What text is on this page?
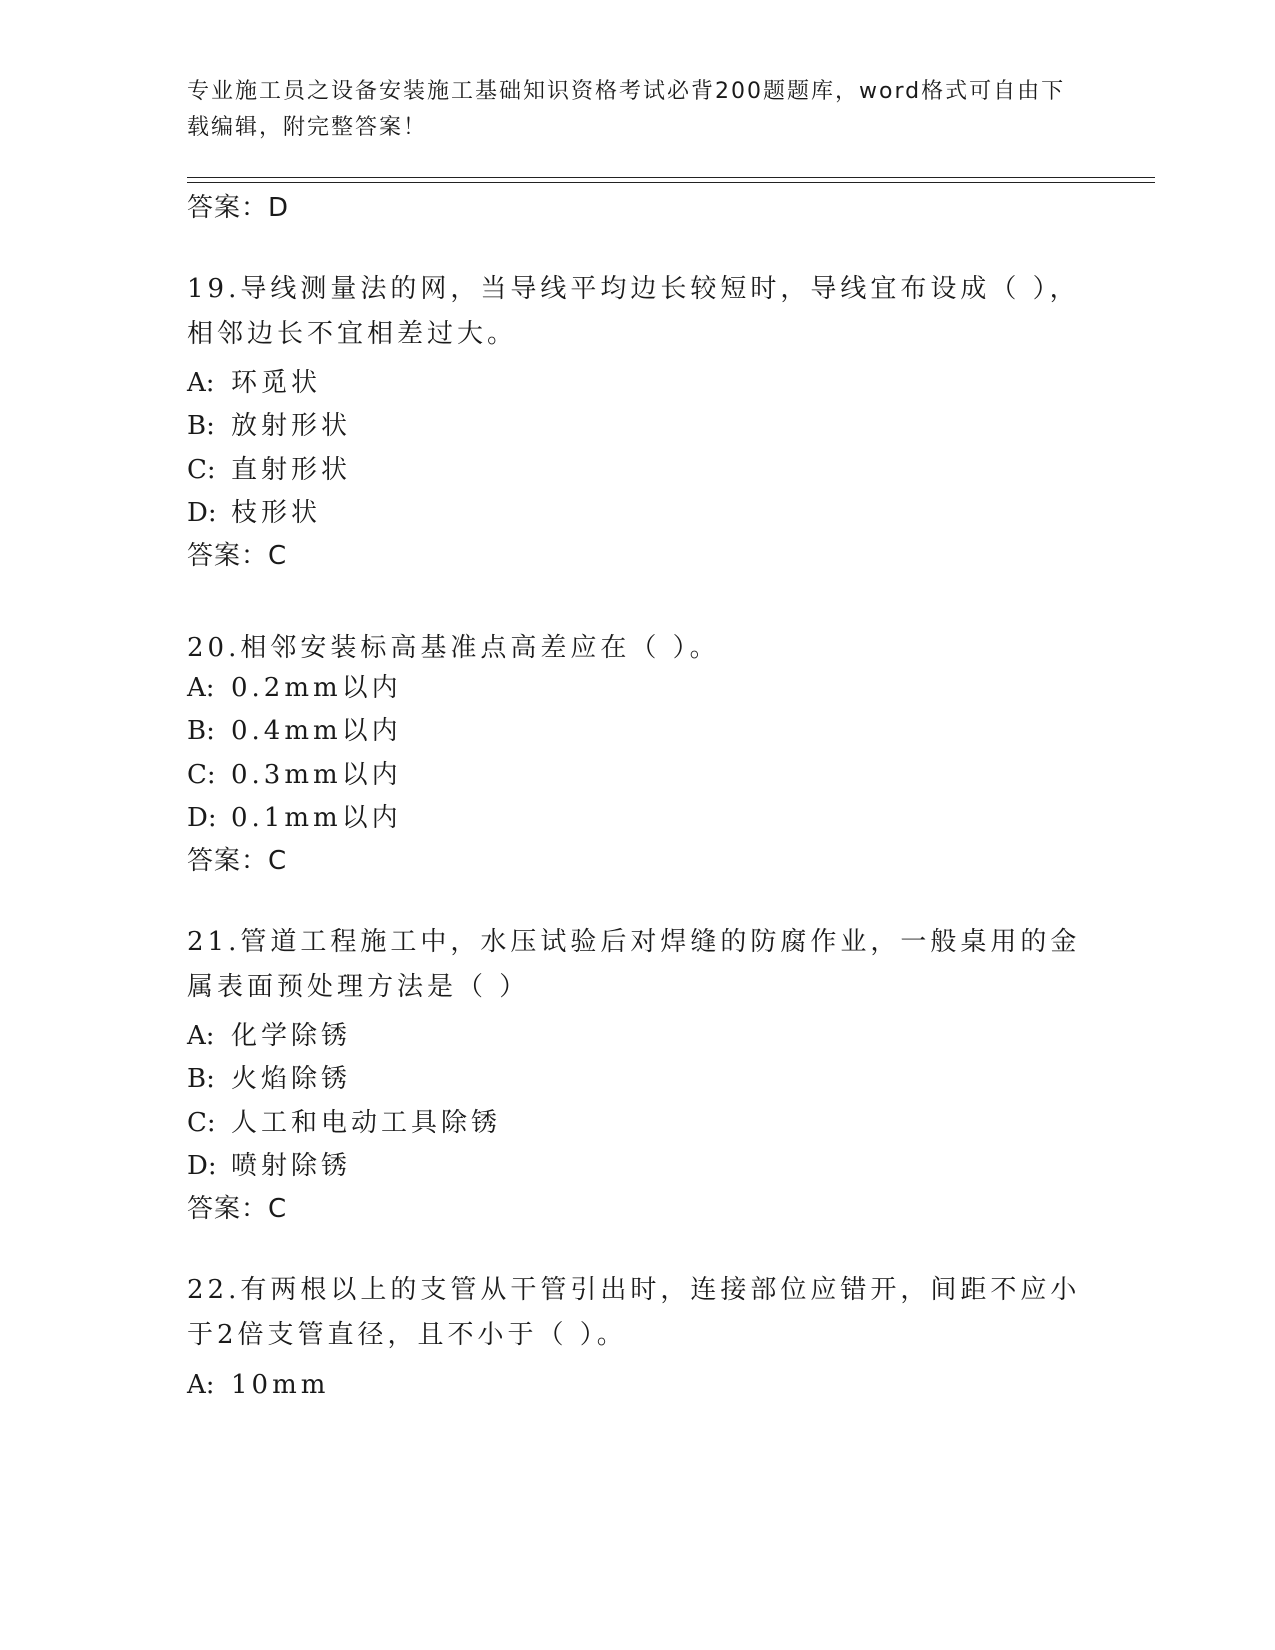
专业施工员之设备安装施工基础知识资格考试必背200题题库，word格式可自由下载编辑，附完整答案！
答案：D
19.导线测量法的网，当导线平均边长较短时，导线宜布设成（ ），相邻边长不宜相差过大。
A: 环觅状
B: 放射形状
C: 直射形状
D: 枝形状
答案：C
20.相邻安装标高基准点高差应在（ ）。
A: 0.2mm以内
B: 0.4mm以内
C: 0.3mm以内
D: 0.1mm以内
答案：C
21.管道工程施工中，水压试验后对焊缝的防腐作业，一般桌用的金属表面预处理方法是（ ）
A: 化学除锈
B: 火焰除锈
C: 人工和电动工具除锈
D: 喷射除锈
答案：C
22.有两根以上的支管从干管引出时，连接部位应错开，间距不应小于2倍支管直径，且不小于（ ）。
A: 10mm
